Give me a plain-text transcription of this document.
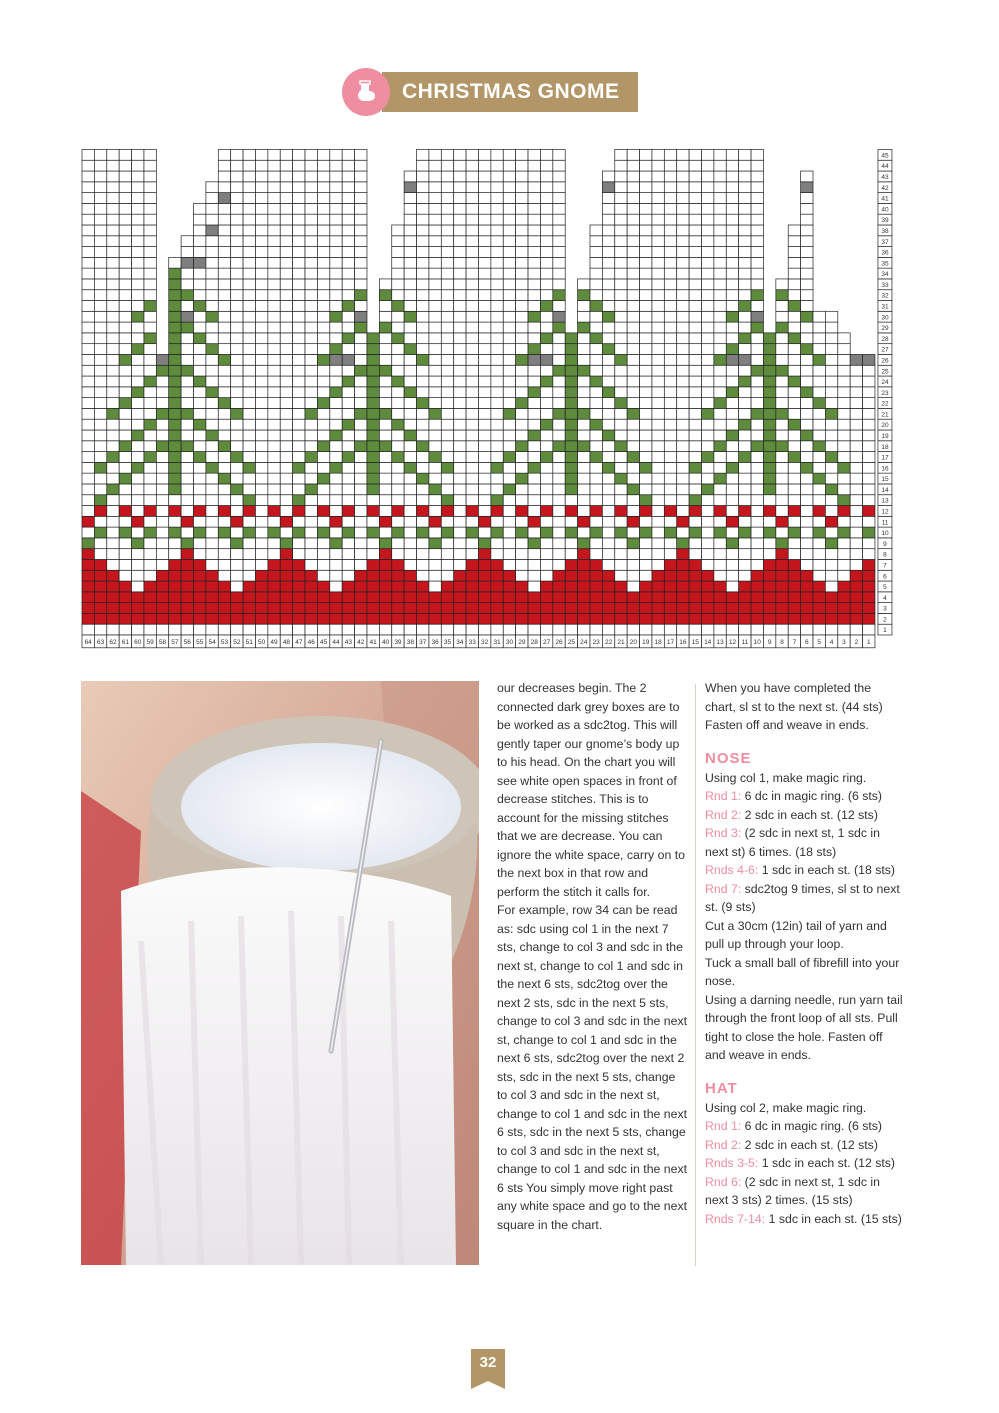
CHRISTMAS GNOME
64 63 62 61 60 59 58 57 56 55 54 53 52 51 50 49 48 47 46 45 44 43 42 41 40 39 38 37 36 35 34 33 32 31 30 29 28 27 26 25 24 23 22 21 20 19 18 17 16 15 14 13 12 11 10 9 8 7 6 5 4 3 2 1
1
2
3
4
5
6
7
8
9
10
11
12
13
14
15
16
17
18
19
20
21
22
23
24
25
26
27
28
29
30
31
32
33
34
35
36
37
38
39
40
41
42
43
44
45

our decreases begin. The 2 connected dark grey boxes are to be worked as a sdc2tog. This will gently taper our gnome’s body up to his head. On the chart you will see white open spaces in front of decrease stitches. This is to account for the missing stitches that we are decrease. You can ignore the white space, carry on to the next box in that row and perform the stitch it calls for.

For example, row 34 can be read as: sdc using col 1 in the next 7 sts, change to col 3 and sdc in the next st, change to col 1 and sdc in the next 6 sts, sdc2tog over the next 2 sts, sdc in the next 5 sts, change to col 3 and sdc in the next st, change to col 1 and sdc in the next 6 sts, sdc2tog over the next 2 sts, sdc in the next 5 sts, change to col 3 and sdc in the next st, change to col 1 and sdc in the next 6 sts, sdc in the next 5 sts, change to col 3 and sdc in the next st, change to col 1 and sdc in the next 6 sts You simply move right past any white space and go to the next square in the chart.

When you have completed the chart, sl st to the next st. (44 sts) Fasten off and weave in ends.

NOSE

Using col 1, make magic ring.

Rnd 1: 6 dc in magic ring. (6 sts)

Rnd 2: 2 sdc in each st. (12 sts)

Rnd 3: (2 sdc in next st, 1 sdc in next st) 6 times. (18 sts)

Rnds 4-6: 1 sdc in each st. (18 sts)

Rnd 7: sdc2tog 9 times, sl st to next st. (9 sts)

Cut a 30cm (12in) tail of yarn and pull up through your loop.

Tuck a small ball of fibrefill into your nose.

Using a darning needle, run yarn tail through the front loop of all sts. Pull tight to close the hole. Fasten off and weave in ends.

HAT

Using col 2, make magic ring.

Rnd 1: 6 dc in magic ring. (6 sts)

Rnd 2: 2 sdc in each st. (12 sts)

Rnds 3-5: 1 sdc in each st. (12 sts)

Rnd 6: (2 sdc in next st, 1 sdc in next 3 sts) 2 times. (15 sts)

Rnds 7-14: 1 sdc in each st. (15 sts)

32
